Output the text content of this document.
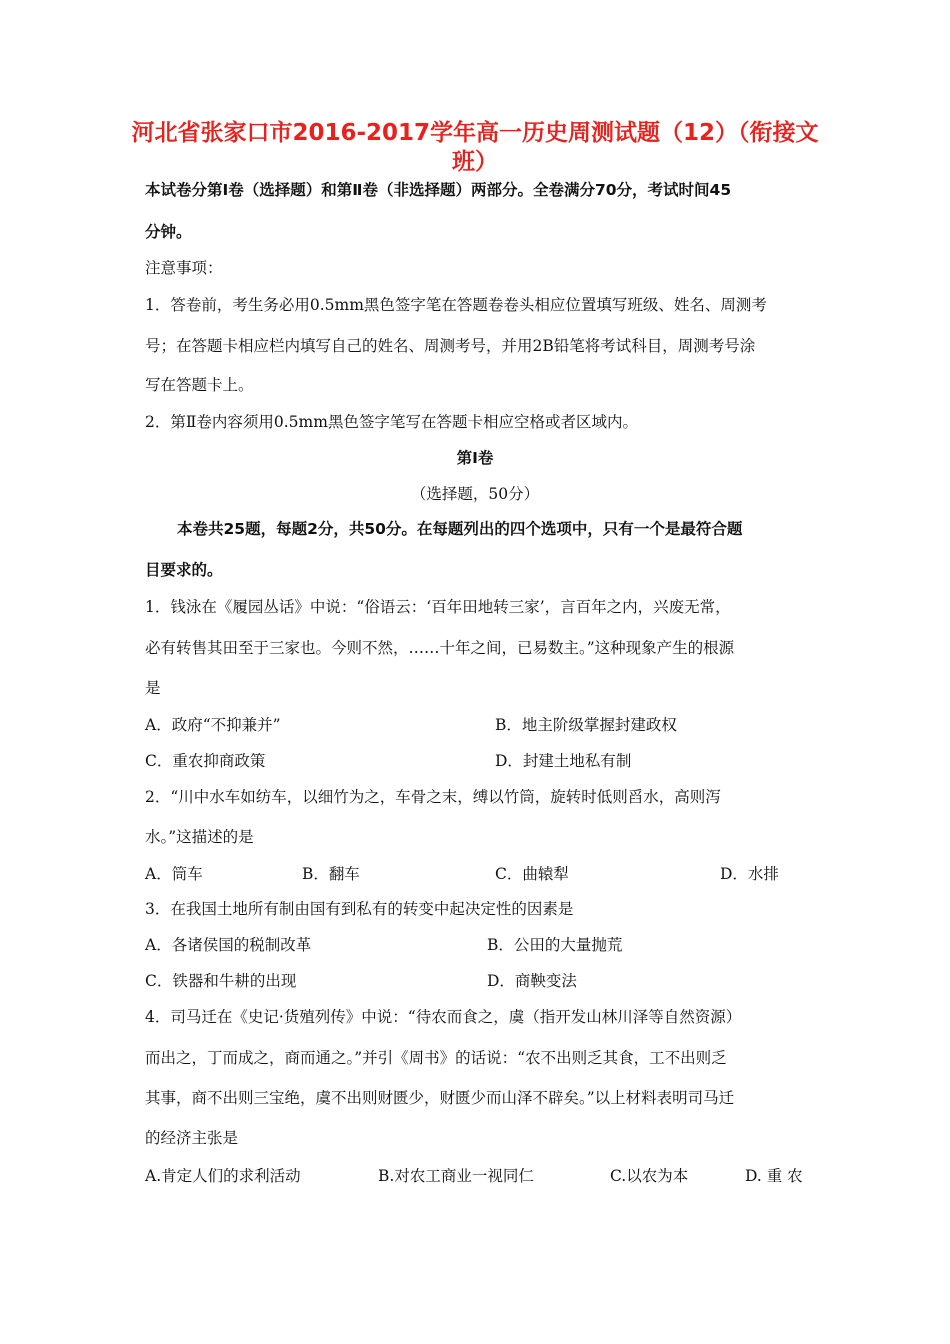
河北省张家口市2016-2017学年高一历史周测试题（12）（衔接文
班）
本试卷分第Ⅰ卷（选择题）和第Ⅱ卷（非选择题）两部分。全卷满分70分，考试时间45
分钟。
注意事项：
1．答卷前，考生务必用0.5mm黑色签字笔在答题卷卷头相应位置填写班级、姓名、周测考
号；在答题卡相应栏内填写自己的姓名、周测考号，并用2B铅笔将考试科目，周测考号涂
写在答题卡上。
2．第Ⅱ卷内容须用0.5mm黑色签字笔写在答题卡相应空格或者区域内。
第Ⅰ卷
（选择题，50分）
本卷共25题，每题2分，共50分。在每题列出的四个选项中，只有一个是最符合题
目要求的。
1．钱泳在《履园丛话》中说：“俗语云：‘百年田地转三家’，言百年之内，兴废无常，
必有转售其田至于三家也。今则不然，……十年之间，已易数主。”这种现象产生的根源
是
A．政府“不抑兼并”	B．地主阶级掌握封建政权
C．重农抑商政策	D．封建土地私有制
2．“川中水车如纺车，以细竹为之，车骨之末，缚以竹筒，旋转时低则舀水，高则泻
水。”这描述的是
A．筒车	B．翻车	C．曲辕犁	D．水排
3．在我国土地所有制由国有到私有的转变中起决定性的因素是
A．各诸侯国的税制改革	B．公田的大量抛荒
C．铁器和牛耕的出现	D．商鞅变法
4．司马迁在《史记·货殖列传》中说：“待农而食之，虞（指开发山林川泽等自然资源）
而出之，丁而成之，商而通之。”并引《周书》的话说：“农不出则乏其食，工不出则乏
其事，商不出则三宝绝，虞不出则财匮少，财匮少而山泽不辟矣。”以上材料表明司马迁
的经济主张是
A.肯定人们的求利活动	B.对农工商业一视同仁	C.以农为本	D. 重 农
